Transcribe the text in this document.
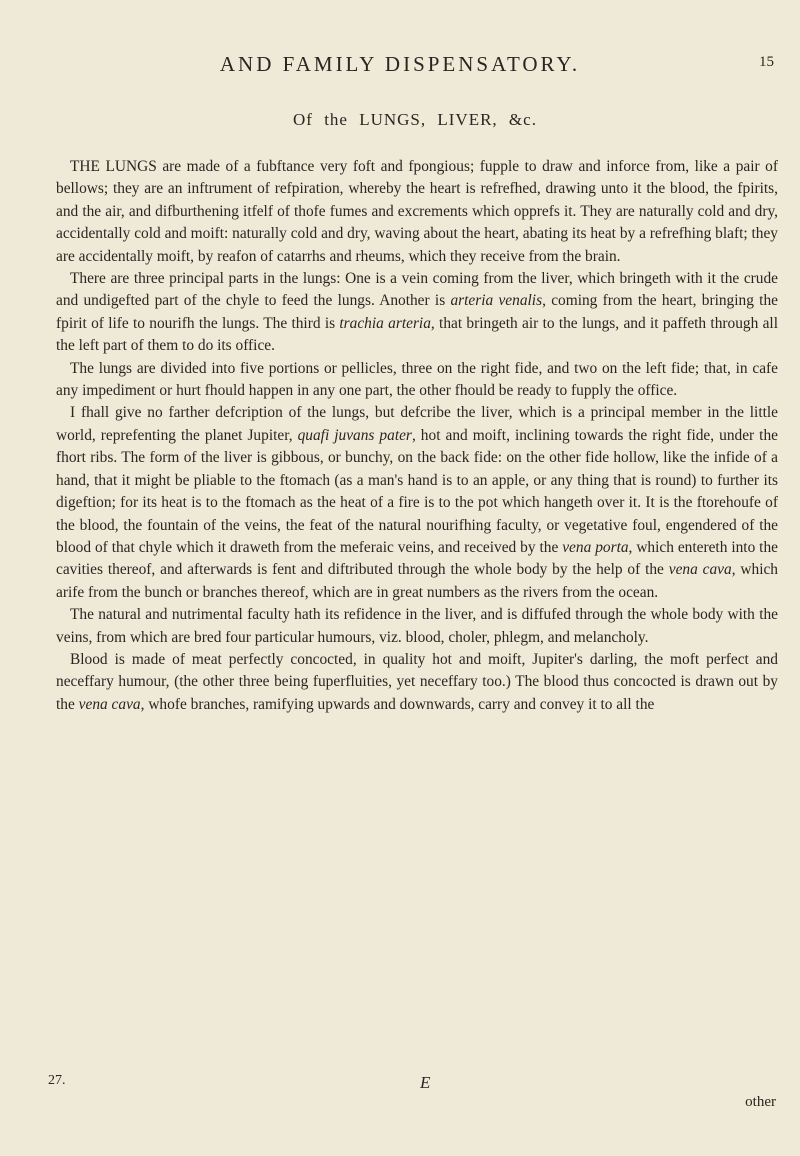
AND FAMILY DISPENSATORY.	15
Of the LUNGS, LIVER, &c.

THE LUNGS are made of a fubftance very foft and fpongious; fupple to draw and inforce from, like a pair of bellows; they are an inftrument of refpiration, whereby the heart is refrefhed, drawing unto it the blood, the fpirits, and the air, and difburthening itfelf of thofe fumes and excrements which opprefs it. They are naturally cold and dry, accidentally cold and moift: naturally cold and dry, waving about the heart, abating its heat by a refrefhing blaft; they are accidentally moift, by reafon of catarrhs and rheums, which they receive from the brain.

There are three principal parts in the lungs: One is a vein coming from the liver, which bringeth with it the crude and undigefted part of the chyle to feed the lungs. Another is arteria venalis, coming from the heart, bringing the fpirit of life to nourifh the lungs. The third is trachia arteria, that bringeth air to the lungs, and it paffeth through all the left part of them to do its office.

The lungs are divided into five portions or pellicles, three on the right fide, and two on the left fide; that, in cafe any impediment or hurt fhould happen in any one part, the other fhould be ready to fupply the office.

I fhall give no farther defcription of the lungs, but defcribe the liver, which is a principal member in the little world, reprefenting the planet Jupiter, quafi juvans pater, hot and moift, inclining towards the right fide, under the fhort ribs. The form of the liver is gibbous, or bunchy, on the back fide: on the other fide hollow, like the infide of a hand, that it might be pliable to the ftomach (as a man's hand is to an apple, or any thing that is round) to further its digeftion; for its heat is to the ftomach as the heat of a fire is to the pot which hangeth over it. It is the ftorehoufe of the blood, the fountain of the veins, the feat of the natural nourifhing faculty, or vegetative foul, engendered of the blood of that chyle which it draweth from the meferaic veins, and received by the vena porta, which entereth into the cavities thereof, and afterwards is fent and diftributed through the whole body by the help of the vena cava, which arife from the bunch or branches thereof, which are in great numbers as the rivers from the ocean.

The natural and nutrimental faculty hath its refidence in the liver, and is diffufed through the whole body with the veins, from which are bred four particular humours, viz. blood, choler, phlegm, and melancholy.

Blood is made of meat perfectly concocted, in quality hot and moift, Jupiter's darling, the moft perfect and neceffary humour, (the other three being fuperfluities, yet neceffary too.) The blood thus concocted is drawn out by the vena cava, whofe branches, ramifying upwards and downwards, carry and convey it to all the

27.	E
other
